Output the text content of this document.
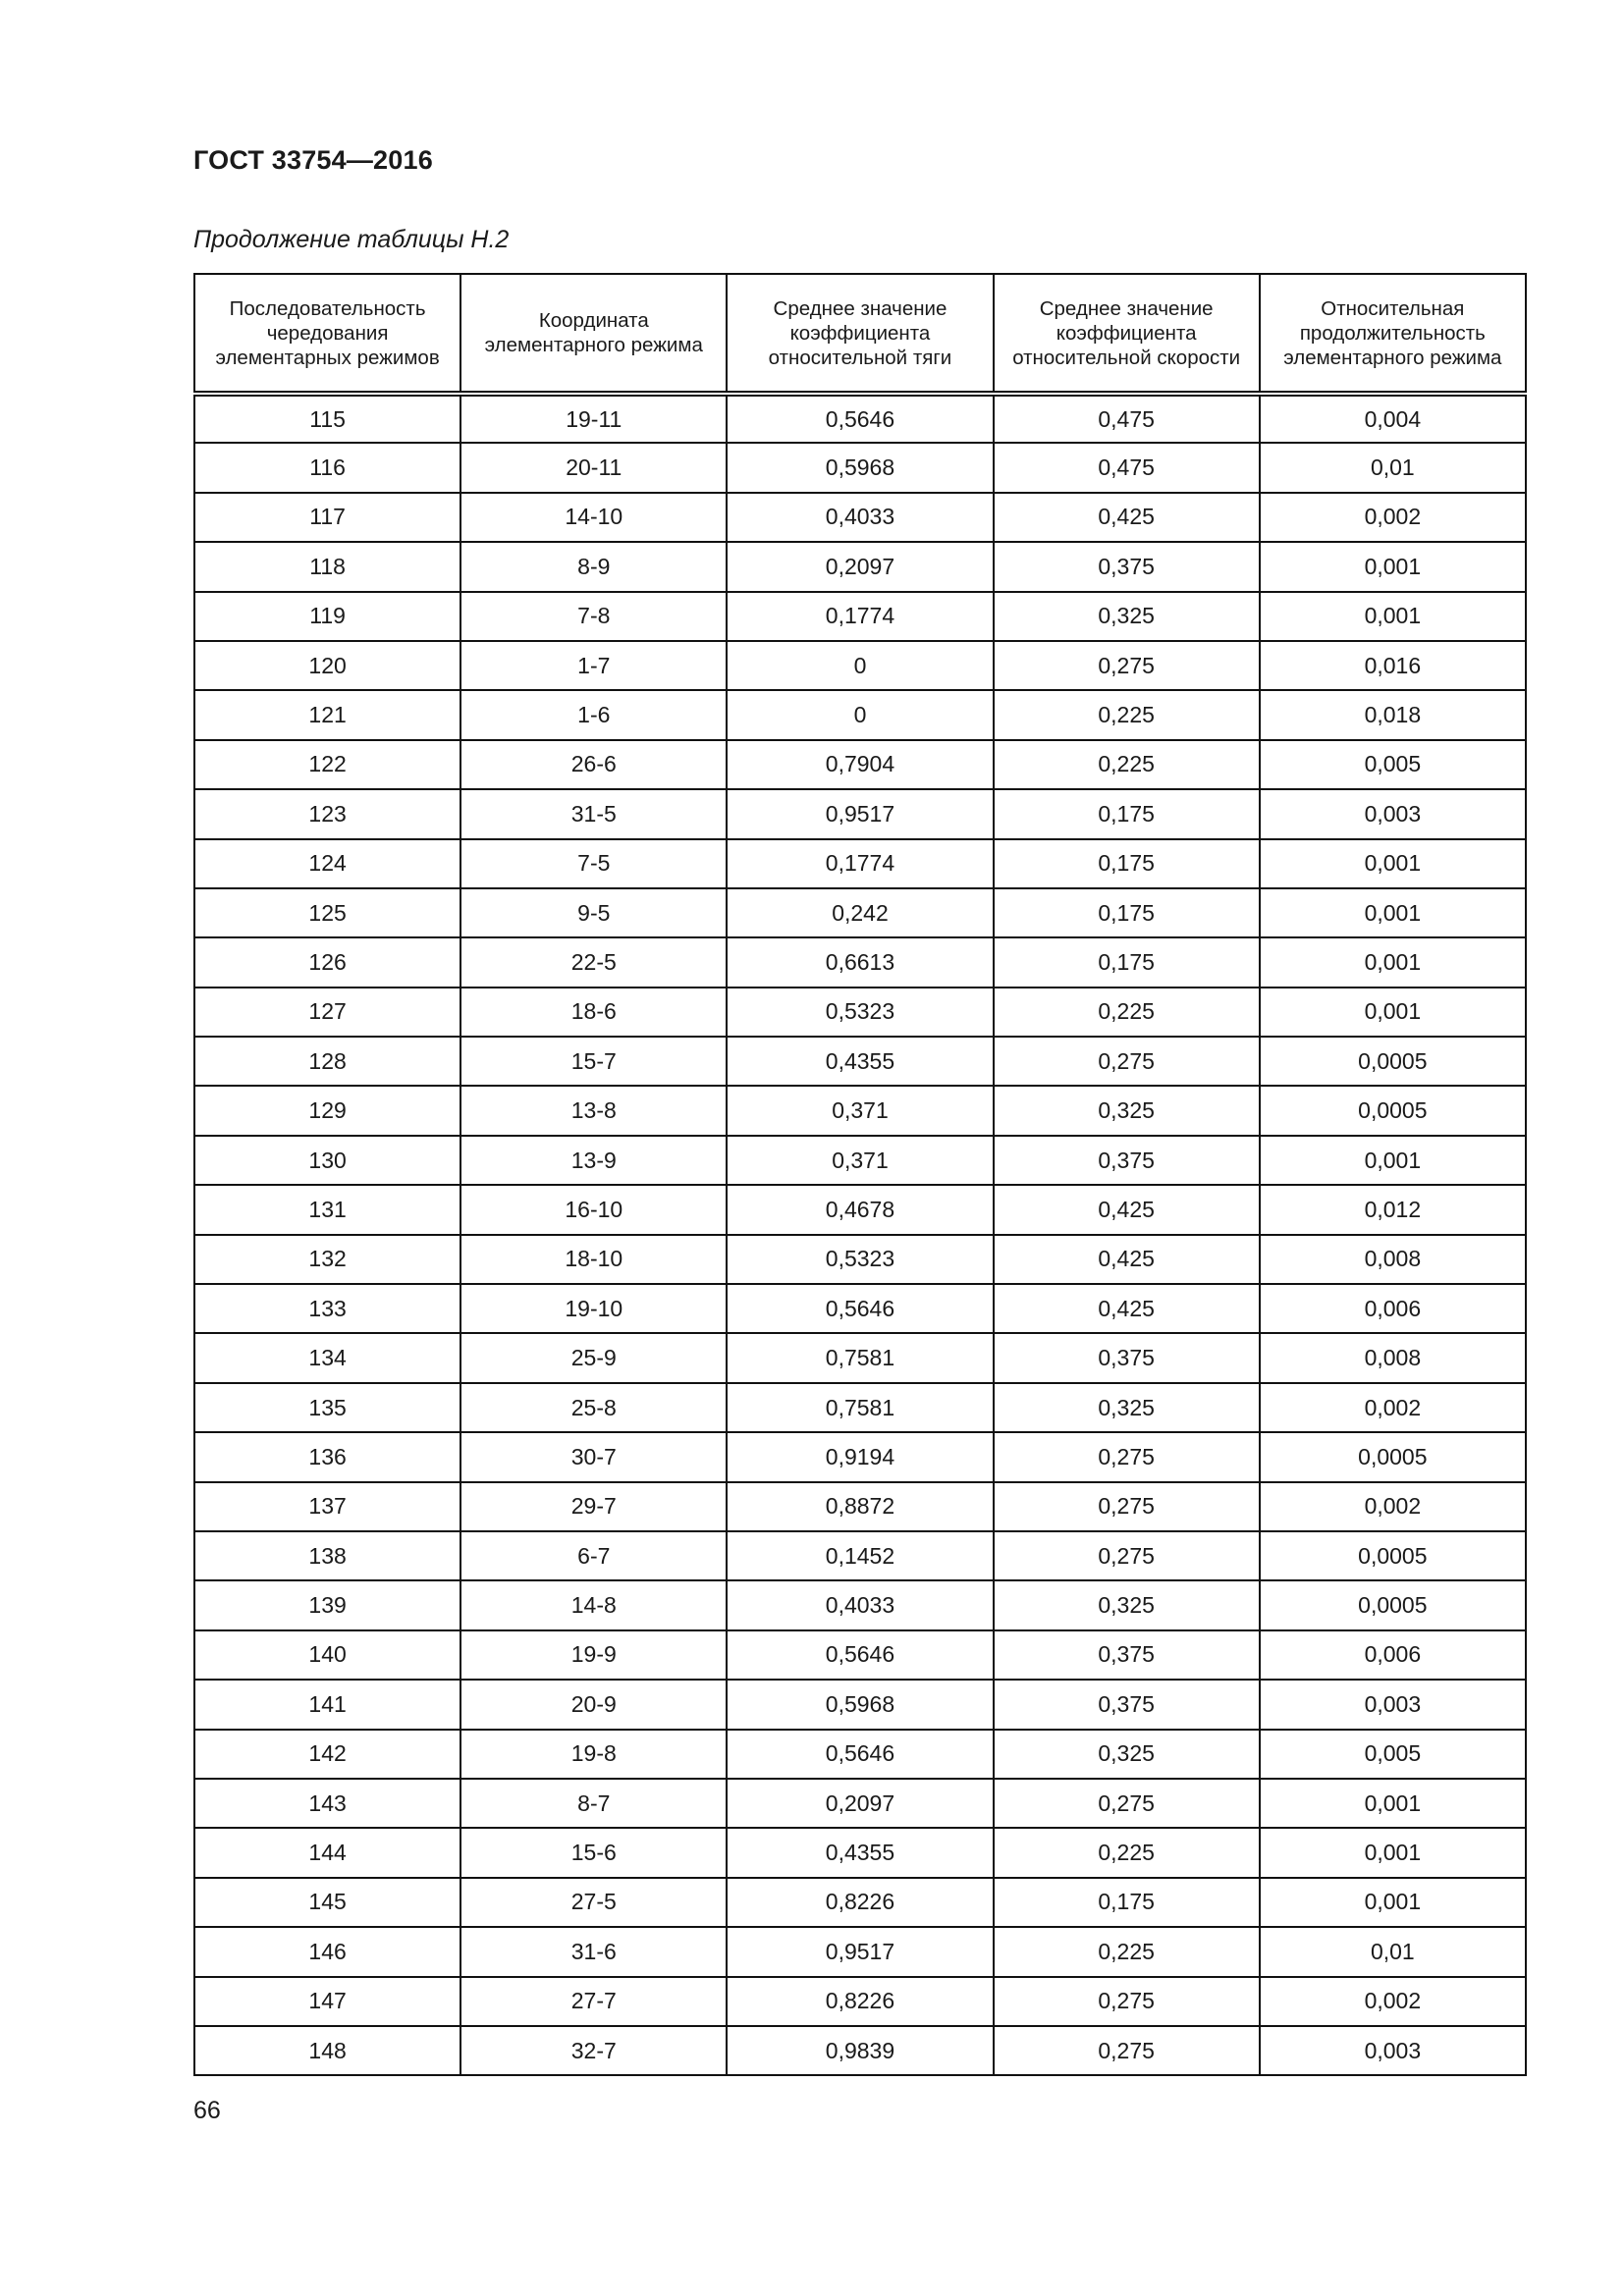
ГОСТ 33754—2016
Продолжение таблицы Н.2
Последовательность чередования элементарных режимов	Координата элементарного режима	Среднее значение коэффициента относительной тяги	Среднее значение коэффициента относительной скорости	Относительная продолжительность элементарного режима
115	19-11	0,5646	0,475	0,004
116	20-11	0,5968	0,475	0,01
117	14-10	0,4033	0,425	0,002
118	8-9	0,2097	0,375	0,001
119	7-8	0,1774	0,325	0,001
120	1-7	0	0,275	0,016
121	1-6	0	0,225	0,018
122	26-6	0,7904	0,225	0,005
123	31-5	0,9517	0,175	0,003
124	7-5	0,1774	0,175	0,001
125	9-5	0,242	0,175	0,001
126	22-5	0,6613	0,175	0,001
127	18-6	0,5323	0,225	0,001
128	15-7	0,4355	0,275	0,0005
129	13-8	0,371	0,325	0,0005
130	13-9	0,371	0,375	0,001
131	16-10	0,4678	0,425	0,012
132	18-10	0,5323	0,425	0,008
133	19-10	0,5646	0,425	0,006
134	25-9	0,7581	0,375	0,008
135	25-8	0,7581	0,325	0,002
136	30-7	0,9194	0,275	0,0005
137	29-7	0,8872	0,275	0,002
138	6-7	0,1452	0,275	0,0005
139	14-8	0,4033	0,325	0,0005
140	19-9	0,5646	0,375	0,006
141	20-9	0,5968	0,375	0,003
142	19-8	0,5646	0,325	0,005
143	8-7	0,2097	0,275	0,001
144	15-6	0,4355	0,225	0,001
145	27-5	0,8226	0,175	0,001
146	31-6	0,9517	0,225	0,01
147	27-7	0,8226	0,275	0,002
148	32-7	0,9839	0,275	0,003
66
